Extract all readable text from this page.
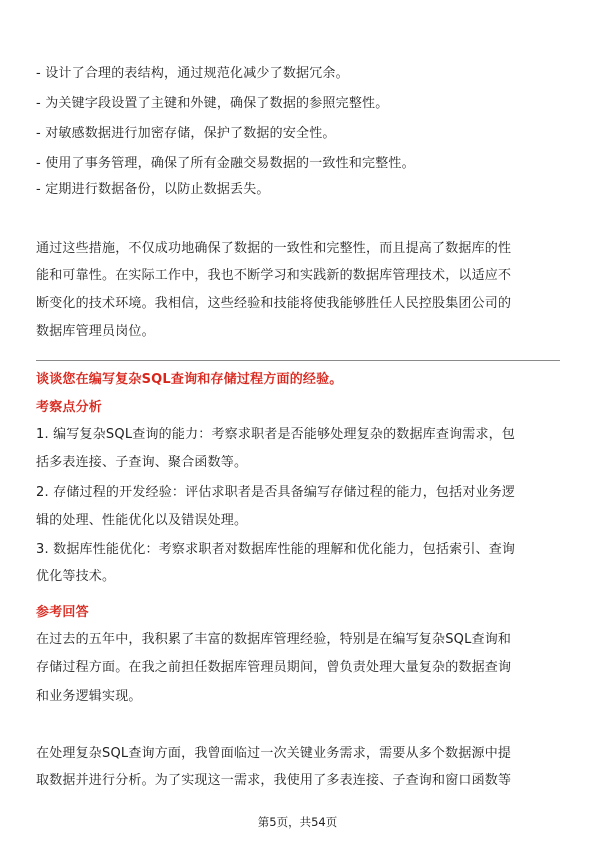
- 设计了合理的表结构，通过规范化减少了数据冗余。
- 为关键字段设置了主键和外键，确保了数据的参照完整性。
- 对敏感数据进行加密存储，保护了数据的安全性。
- 使用了事务管理，确保了所有金融交易数据的一致性和完整性。
- 定期进行数据备份，以防止数据丢失。
通过这些措施，不仅成功地确保了数据的一致性和完整性，而且提高了数据库的性
能和可靠性。在实际工作中，我也不断学习和实践新的数据库管理技术，以适应不
断变化的技术环境。我相信，这些经验和技能将使我能够胜任人民控股集团公司的
数据库管理员岗位。
谈谈您在编写复杂SQL查询和存储过程方面的经验。
考察点分析
1. 编写复杂SQL查询的能力：考察求职者是否能够处理复杂的数据库查询需求，包
括多表连接、子查询、聚合函数等。
2. 存储过程的开发经验：评估求职者是否具备编写存储过程的能力，包括对业务逻
辑的处理、性能优化以及错误处理。
3. 数据库性能优化：考察求职者对数据库性能的理解和优化能力，包括索引、查询
优化等技术。
参考回答
在过去的五年中，我积累了丰富的数据库管理经验，特别是在编写复杂SQL查询和
存储过程方面。在我之前担任数据库管理员期间，曾负责处理大量复杂的数据查询
和业务逻辑实现。
在处理复杂SQL查询方面，我曾面临过一次关键业务需求，需要从多个数据源中提
取数据并进行分析。为了实现这一需求，我使用了多表连接、子查询和窗口函数等
第5页，共54页
